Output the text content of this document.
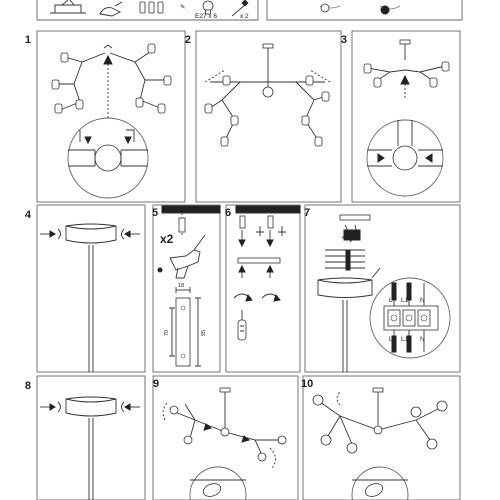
E27 x 6	x 2
✎
1	2	3
4	5
x2
18
70	95
6	7
L L1 N
L L1 N
8	9	10
